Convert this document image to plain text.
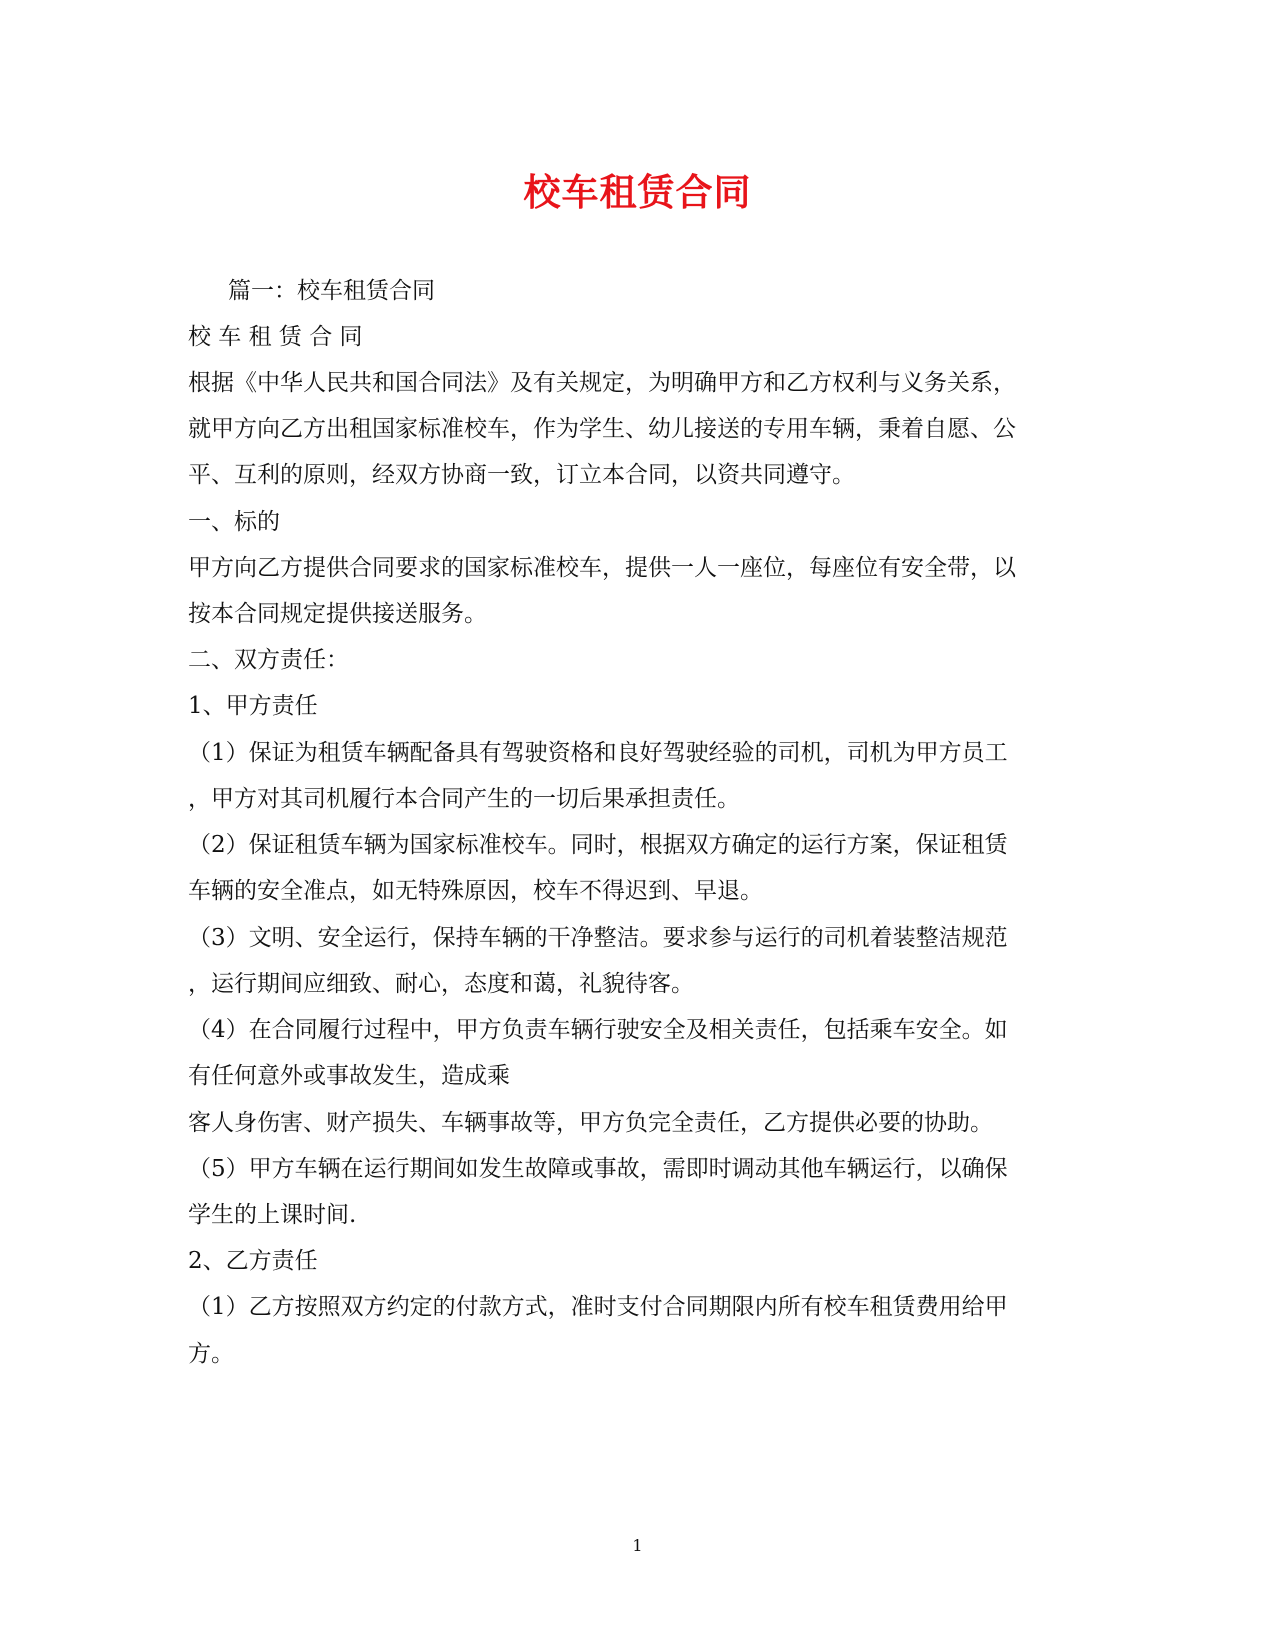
校车租赁合同
篇一：校车租赁合同
校 车 租 赁 合 同
根据《中华人民共和国合同法》及有关规定，为明确甲方和乙方权利与义务关系，
就甲方向乙方出租国家标准校车，作为学生、幼儿接送的专用车辆，秉着自愿、公
平、互利的原则，经双方协商一致，订立本合同，以资共同遵守。
一、标的
甲方向乙方提供合同要求的国家标准校车，提供一人一座位，每座位有安全带，以
按本合同规定提供接送服务。
二、双方责任：
1、甲方责任
（1）保证为租赁车辆配备具有驾驶资格和良好驾驶经验的司机，司机为甲方员工
，甲方对其司机履行本合同产生的一切后果承担责任。
（2）保证租赁车辆为国家标准校车。同时，根据双方确定的运行方案，保证租赁
车辆的安全准点，如无特殊原因，校车不得迟到、早退。
（3）文明、安全运行，保持车辆的干净整洁。要求参与运行的司机着装整洁规范
，运行期间应细致、耐心，态度和蔼，礼貌待客。
（4）在合同履行过程中，甲方负责车辆行驶安全及相关责任，包括乘车安全。如
有任何意外或事故发生，造成乘
客人身伤害、财产损失、车辆事故等，甲方负完全责任，乙方提供必要的协助。
（5）甲方车辆在运行期间如发生故障或事故，需即时调动其他车辆运行，以确保
学生的上课时间.
2、乙方责任
（1）乙方按照双方约定的付款方式，准时支付合同期限内所有校车租赁费用给甲
方。
1
